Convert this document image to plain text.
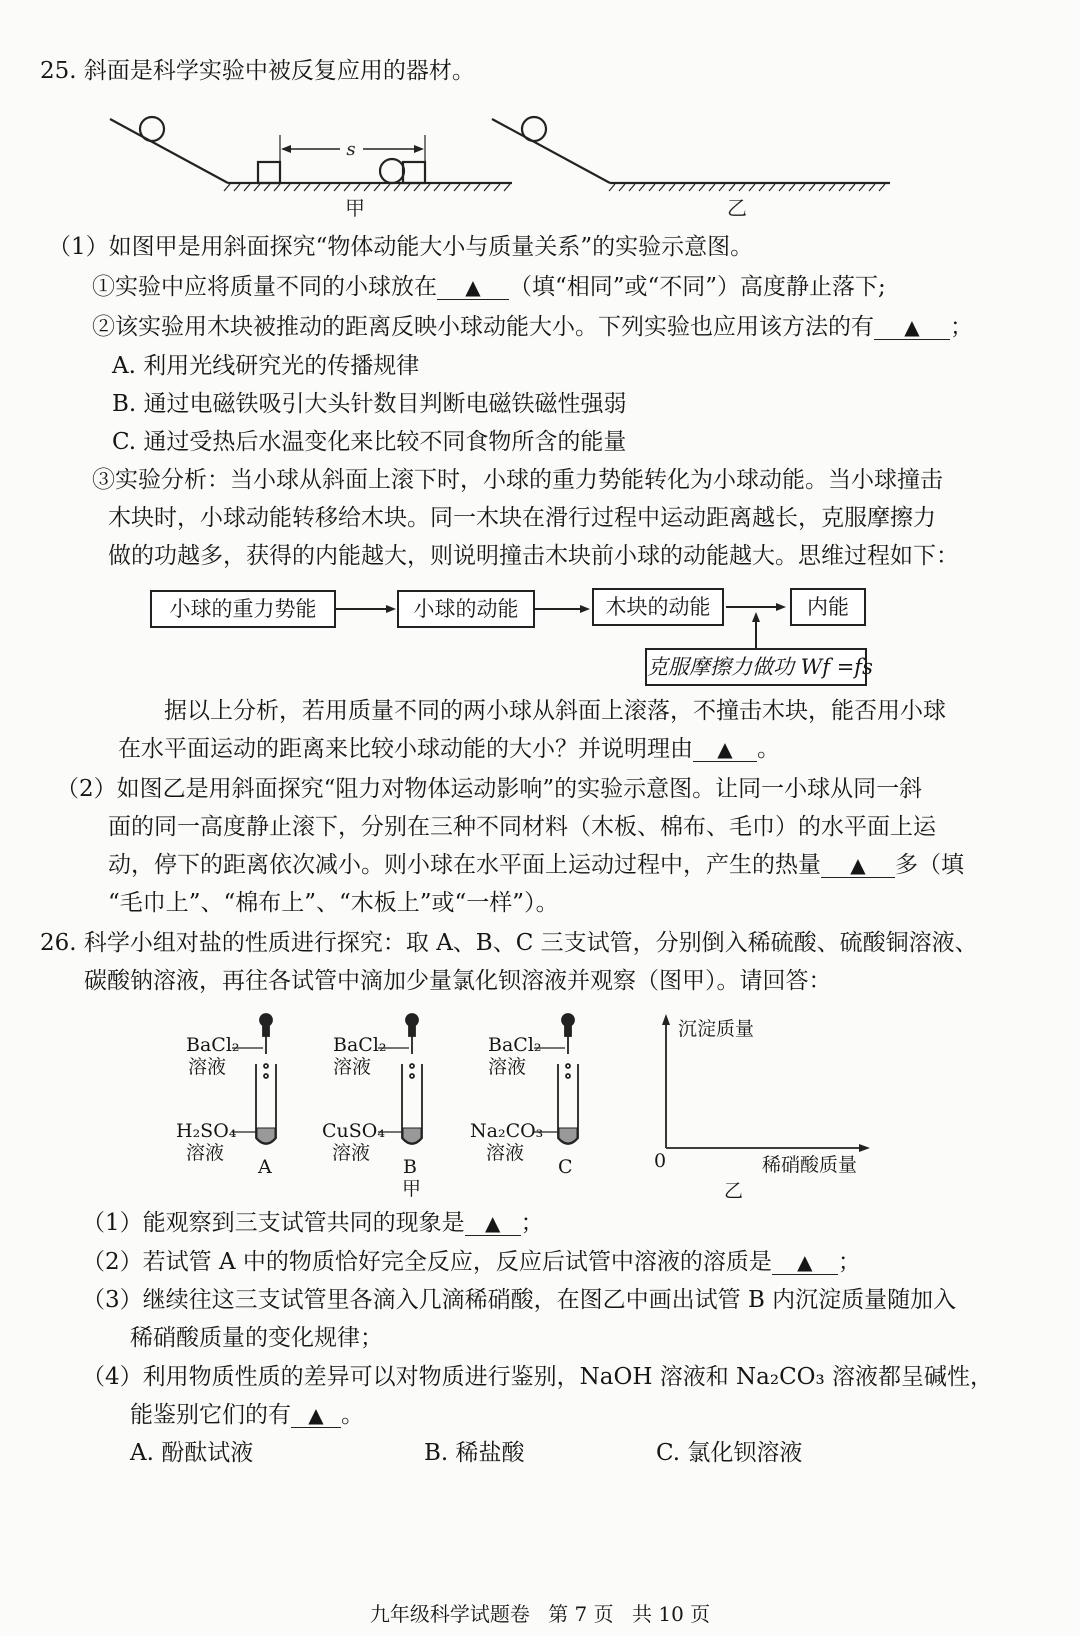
25. 斜面是科学实验中被反复应用的器材。
s
甲	乙
（1）如图甲是用斜面探究“物体动能大小与质量关系”的实验示意图。
①实验中应将质量不同的小球放在 ▲ （填“相同”或“不同”）高度静止落下;
②该实验用木块被推动的距离反映小球动能大小。下列实验也应用该方法的有 ▲ ；
A. 利用光线研究光的传播规律
B. 通过电磁铁吸引大头针数目判断电磁铁磁性强弱
C. 通过受热后水温变化来比较不同食物所含的能量
③实验分析：当小球从斜面上滚下时，小球的重力势能转化为小球动能。当小球撞击
木块时，小球动能转移给木块。同一木块在滑行过程中运动距离越长，克服摩擦力
做的功越多，获得的内能越大，则说明撞击木块前小球的动能越大。思维过程如下：
小球的重力势能	小球的动能	木块的动能	内能
克服摩擦力做功 Wf =fs
据以上分析，若用质量不同的两小球从斜面上滚落，不撞击木块，能否用小球
在水平面运动的距离来比较小球动能的大小？并说明理由 ▲ 。
（2）如图乙是用斜面探究“阻力对物体运动影响”的实验示意图。让同一小球从同一斜
面的同一高度静止滚下，分别在三种不同材料（木板、棉布、毛巾）的水平面上运
动，停下的距离依次减小。则小球在水平面上运动过程中，产生的热量 ▲ 多（填
“毛巾上”、“棉布上”、“木板上”或“一样”）。
26. 科学小组对盐的性质进行探究：取 A、B、C 三支试管，分别倒入稀硫酸、硫酸铜溶液、
碳酸钠溶液，再往各试管中滴加少量氯化钡溶液并观察（图甲）。请回答：
BaCl₂
溶液
H₂SO₄
溶液
A
BaCl₂
溶液
CuSO₄
溶液
B
甲
BaCl₂
溶液
Na₂CO₃
溶液
C
沉淀质量
0	稀硝酸质量
乙
（1）能观察到三支试管共同的现象是 ▲ ；
（2）若试管 A 中的物质恰好完全反应，反应后试管中溶液的溶质是 ▲ ；
（3）继续往这三支试管里各滴入几滴稀硝酸，在图乙中画出试管 B 内沉淀质量随加入
稀硝酸质量的变化规律；
（4）利用物质性质的差异可以对物质进行鉴别，NaOH 溶液和 Na₂CO₃ 溶液都呈碱性，
能鉴别它们的有 ▲ 。
A. 酚酞试液	B. 稀盐酸	C. 氯化钡溶液
九年级科学试题卷 第 7 页 共 10 页
